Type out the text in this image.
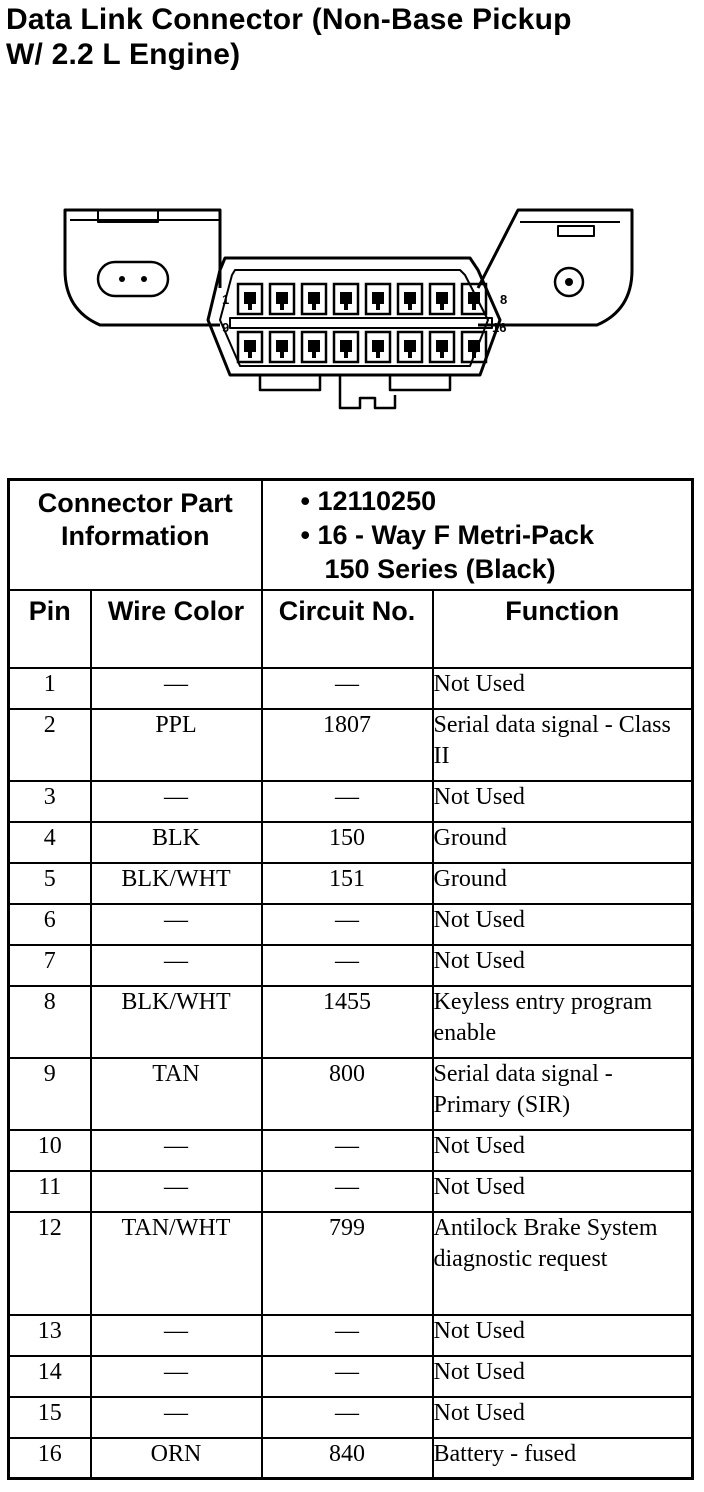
Data Link Connector (Non-Base Pickup
W/ 2.2 L Engine)
1	8
9	16
Connector Part Information		• 12110250
• 16 - Way F Metri-Pack
150 Series (Black)	

Pin	Wire Color	Circuit No.	Function

1	—	—	Not Used
2	PPL	1807	Serial data signal - Class II
3	—	—	Not Used
4	BLK	150	Ground
5	BLK/WHT	151	Ground
6	—	—	Not Used
7	—	—	Not Used
8	BLK/WHT	1455	Keyless entry program enable
9	TAN	800	Serial data signal - Primary (SIR)
10	—	—	Not Used
11	—	—	Not Used
12	TAN/WHT	799	Antilock Brake System diagnostic request
13	—	—	Not Used
14	—	—	Not Used
15	—	—	Not Used
16	ORN	840	Battery - fused
